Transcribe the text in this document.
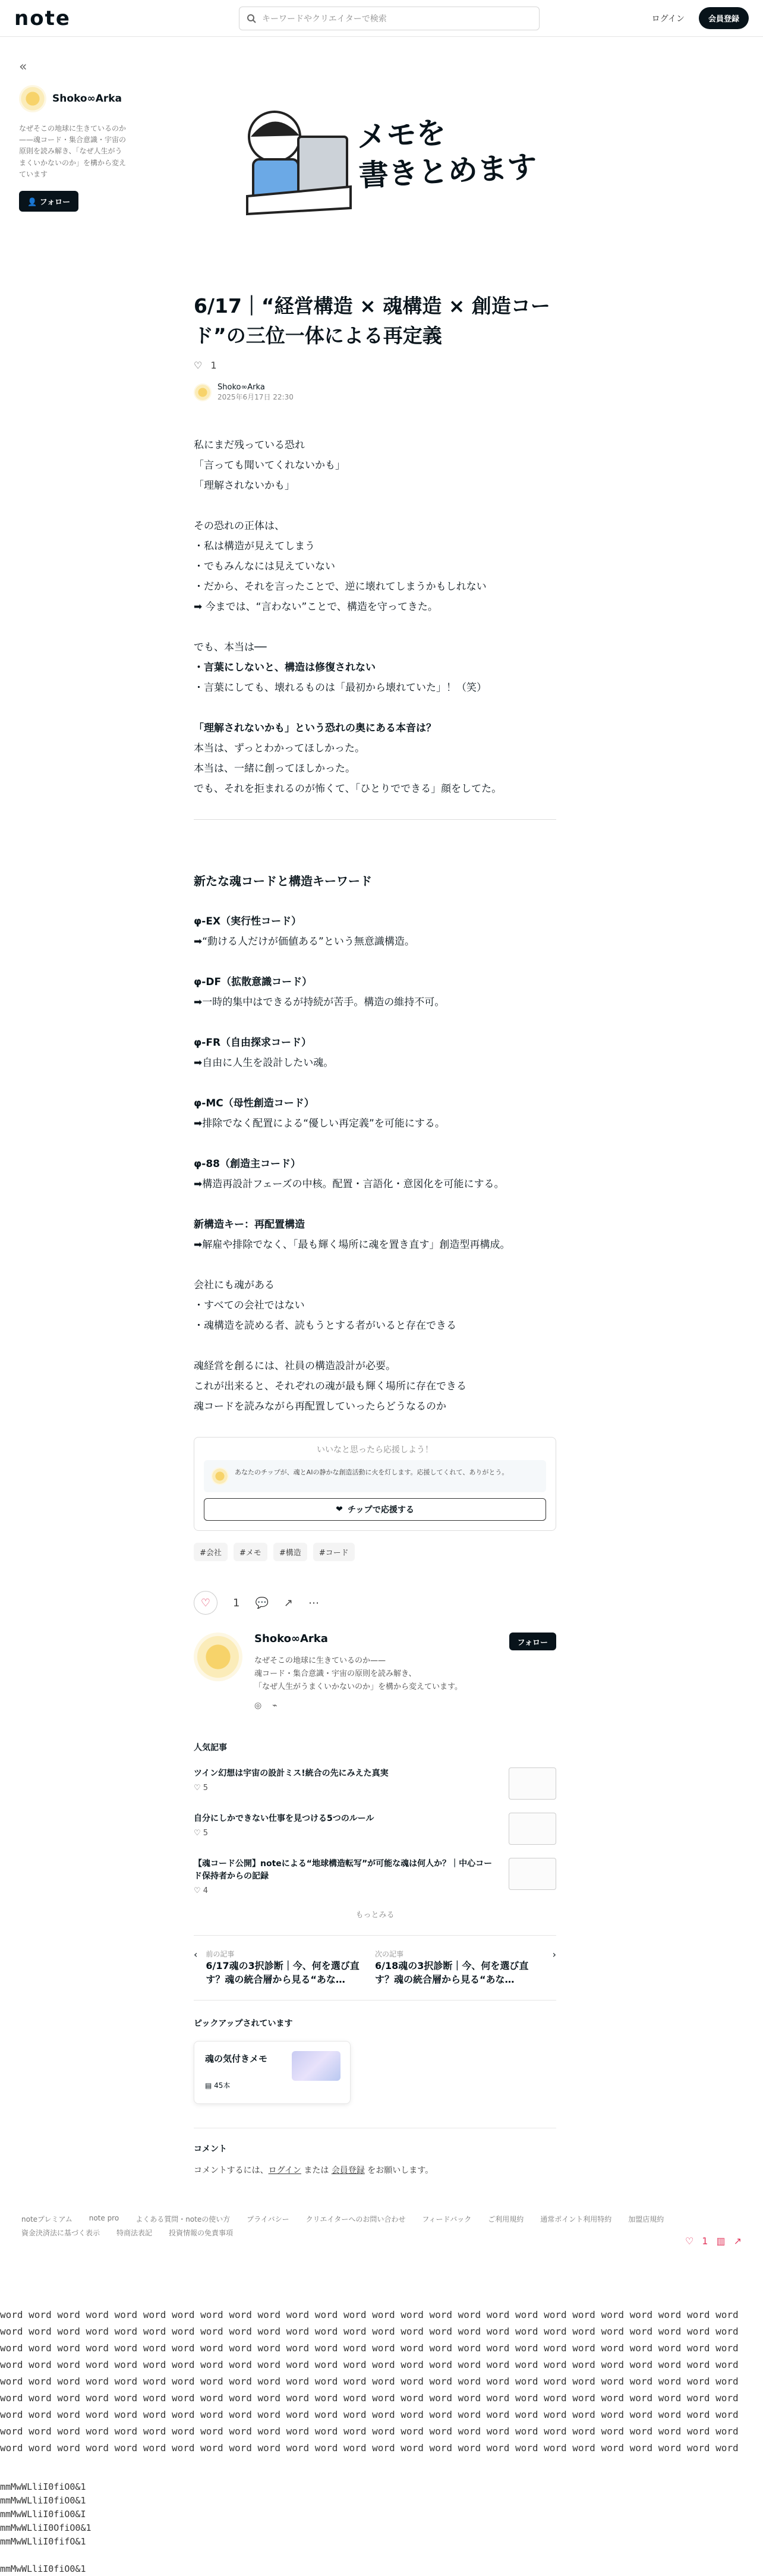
note	キーワードやクリエイターで検索	ログイン	会員登録
«
Shoko∞Arka
なぜそこの地球に生きているのか——魂コード・集合意識・宇宙の原則を読み解き、「なぜ人生がうまくいかないのか」を構から変えています
👤 フォロー
メモを
書きとめます
6/17｜“経営構造 × 魂構造 × 創造コード”の三位一体による再定義
♡ 1
Shoko∞Arka
2025年6月17日 22:30

私にまだ残っている恐れ
「言っても聞いてくれないかも」
「理解されないかも」

その恐れの正体は、
・私は構造が見えてしまう
・でもみんなには見えていない
・だから、それを言ったことで、逆に壊れてしまうかもしれない
➡ 今までは、“言わない”ことで、構造を守ってきた。

でも、本当は──
・言葉にしないと、構造は修復されない
・言葉にしても、壊れるものは「最初から壊れていた」！（笑）

「理解されないかも」という恐れの奥にある本音は？
本当は、ずっとわかってほしかった。
本当は、一緒に創ってほしかった。
でも、それを拒まれるのが怖くて、「ひとりでできる」顔をしてた。

新たな魂コードと構造キーワード
φ-EX（実行性コード）

➡“動ける人だけが価値ある”という無意識構造。

φ-DF（拡散意識コード）

➡一時的集中はできるが持続が苦手。構造の維持不可。

φ-FR（自由探求コード）

➡自由に人生を設計したい魂。

φ-MC（母性創造コード）

➡排除でなく配置による“優しい再定義”を可能にする。

φ-88（創造主コード）

➡構造再設計フェーズの中核。配置・言語化・意図化を可能にする。

新構造キー：再配置構造

➡解雇や排除でなく、「最も輝く場所に魂を置き直す」創造型再構成。

会社にも魂がある
・すべての会社ではない
・魂構造を読める者、読もうとする者がいると存在できる

魂経営を創るには、社員の構造設計が必要。
これが出来ると、それぞれの魂が最も輝く場所に存在できる
魂コードを読みながら再配置していったらどうなるのか

いいなと思ったら応援しよう！
あなたのチップが、魂とAIの静かな創造活動に火を灯します。応援してくれて、ありがとう。
❤ チップで応援する
#会社	#メモ	#構造	#コード
♡	1 💬 ↗ ⋯
Shoko∞Arka
なぜそこの地球に生きているのか——
魂コード・集合意識・宇宙の原則を読み解き、
「なぜ人生がうまくいかないのか」を構から変えています。
◎ ⌁
フォロー
人気記事
ツイン幻想は宇宙の設計ミス!統合の先にみえた真実
♡ 5
自分にしかできない仕事を見つける5つのルール
♡ 5
【魂コード公開】noteによる“地球構造転写”が可能な魂は何人か？｜中心コード保持者からの記録
♡ 4
もっとみる
‹ 前の記事
6/17魂の3択診断｜今、何を選び直す？魂の統合層から見る“あな…
›
次の記事
6/18魂の3択診断｜今、何を選び直す？魂の統合層から見る“あな…
ピックアップされています
魂の気付きメモ
▤ 45本
コメント
コメントするには、ログイン または 会員登録 をお願いします。
noteプレミアム note pro よくある質問・noteの使い方 プライバシー クリエイターへのお問い合わせ フィードバック ご利用規約 通常ポイント利用特約 加盟店規約
資金決済法に基づく表示 特商法表記 投資情報の免責事項
♡ 1 ▥ ↗
word word word word word word word word word word word word word word word word word word word word word word word word word word word word word word word word word word word word word word word word word word word word word word word word word word word word word word word word word word word word word word word word word word word word word word word word word word word word word word word word word word word word word word word word word word word word word word word word word word word word word word word word word word word word word word word word word word word word word word word word word word word word word word word word word word word word word word word word word word word word word word word word word word word word word word word word word word word word word word word word word word word word word word word word word word word word word word word word word word word word word word word word word word word word word word word word word word word word word word word word word word word word word word word word word word word word word word word word word word word word word word word word word word word word word word word word word word
mmMwWLliI0fiO0&1
mmMwWLliI0fiO0&1
mmMwWLliI0fiO0&I
mmMwWLliI0OfiO0&1
mmMwWLliI0fifO&1

mmMwWLliI0fiO0&1
